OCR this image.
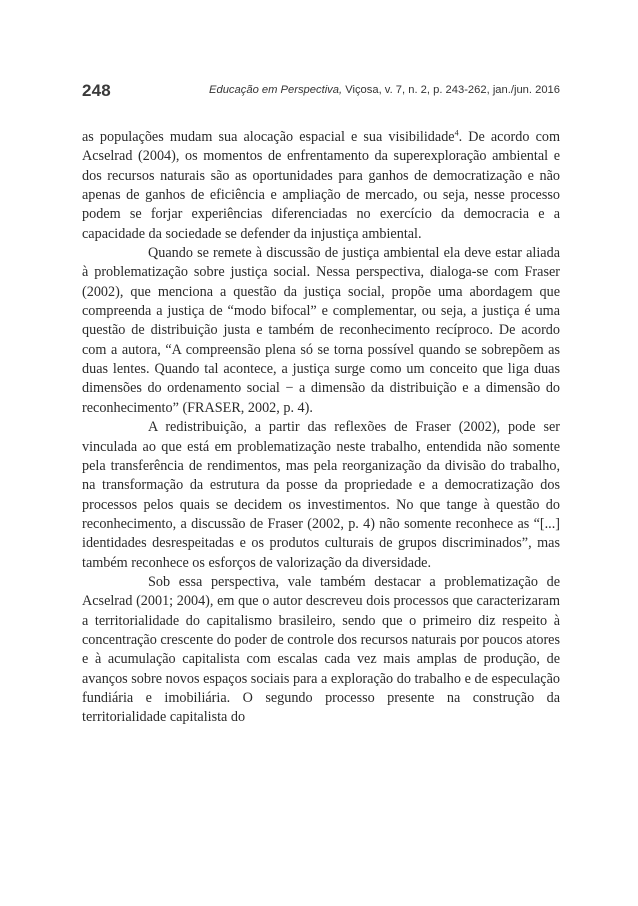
248	Educação em Perspectiva, Viçosa, v. 7, n. 2, p. 243-262, jan./jun. 2016

as populações mudam sua alocação espacial e sua visibilidade$^4$. De acordo com Acselrad (2004), os momentos de enfrentamento da superexploração ambiental e dos recursos naturais são as oportunidades para ganhos de democratização e não apenas de ganhos de eficiência e ampliação de mercado, ou seja, nesse processo podem se forjar experiências diferenciadas no exercício da democracia e a capacidade da sociedade se defender da injustiça ambiental.

Quando se remete à discussão de justiça ambiental ela deve estar aliada à problematização sobre justiça social. Nessa perspectiva, dialoga-se com Fraser (2002), que menciona a questão da justiça social, propõe uma abordagem que compreenda a justiça de “modo bifocal” e complementar, ou seja, a justiça é uma questão de distribuição justa e também de reconhecimento recíproco. De acordo com a autora, “A compreensão plena só se torna possível quando se sobrepõem as duas lentes. Quando tal acontece, a justiça surge como um conceito que liga duas dimensões do ordenamento social − a dimensão da distribuição e a dimensão do reconhecimento” (FRASER, 2002, p. 4).

A redistribuição, a partir das reflexões de Fraser (2002), pode ser vinculada ao que está em problematização neste trabalho, entendida não somente pela transferência de rendimentos, mas pela reorganização da divisão do trabalho, na transformação da estrutura da posse da propriedade e a democratização dos processos pelos quais se decidem os investimentos. No que tange à questão do reconhecimento, a discussão de Fraser (2002, p. 4) não somente reconhece as “[...] identidades desrespeitadas e os produtos culturais de grupos discriminados”, mas também reconhece os esforços de valorização da diversidade.

Sob essa perspectiva, vale também destacar a problematização de Acselrad (2001; 2004), em que o autor descreveu dois processos que caracterizaram a territorialidade do capitalismo brasileiro, sendo que o primeiro diz respeito à concentração crescente do poder de controle dos recursos naturais por poucos atores e à acumulação capitalista com escalas cada vez mais amplas de produção, de avanços sobre novos espaços sociais para a exploração do trabalho e de especulação fundiária e imobiliária. O segundo processo presente na construção da territorialidade capitalista do
